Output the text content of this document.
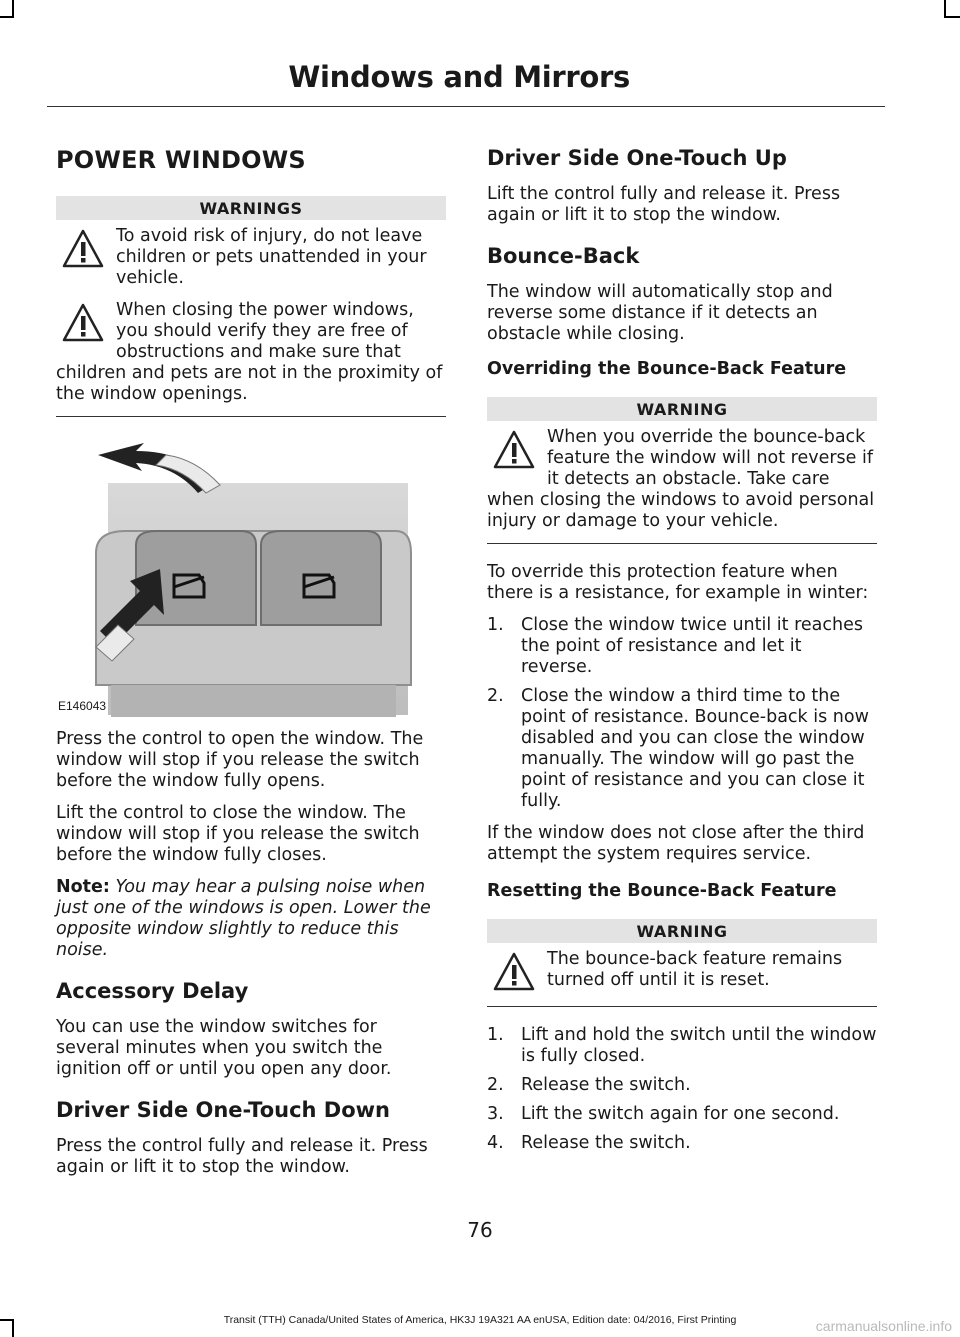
Windows and Mirrors
POWER WINDOWS
WARNINGS
To avoid risk of injury, do not leave children or pets unattended in your vehicle.
When closing the power windows, you should verify they are free of obstructions and make sure that children and pets are not in the proximity of the window openings.
E146043

Press the control to open the window. The window will stop if you release the switch before the window fully opens.

Lift the control to close the window. The window will stop if you release the switch before the window fully closes.

Note: You may hear a pulsing noise when just one of the windows is open. Lower the opposite window slightly to reduce this noise.

Accessory Delay

You can use the window switches for several minutes when you switch the ignition off or until you open any door.

Driver Side One-Touch Down

Press the control fully and release it. Press again or lift it to stop the window.

Driver Side One-Touch Up

Lift the control fully and release it. Press again or lift it to stop the window.

Bounce-Back

The window will automatically stop and reverse some distance if it detects an obstacle while closing.

Overriding the Bounce-Back Feature
WARNING
When you override the bounce-back feature the window will not reverse if it detects an obstacle. Take care when closing the windows to avoid personal injury or damage to your vehicle.

To override this protection feature when there is a resistance, for example in winter:

1. Close the window twice until it reaches the point of resistance and let it reverse.
2. Close the window a third time to the point of resistance. Bounce-back is now disabled and you can close the window manually. The window will go past the point of resistance and you can close it fully.

If the window does not close after the third attempt the system requires service.

Resetting the Bounce-Back Feature
WARNING
The bounce-back feature remains turned off until it is reset.
1. Lift and hold the switch until the window is fully closed.
2. Release the switch.
3. Lift the switch again for one second.
4. Release the switch.
76
Transit (TTH) Canada/United States of America, HK3J 19A321 AA enUSA, Edition date: 04/2016, First Printing	carmanualsonline.info
